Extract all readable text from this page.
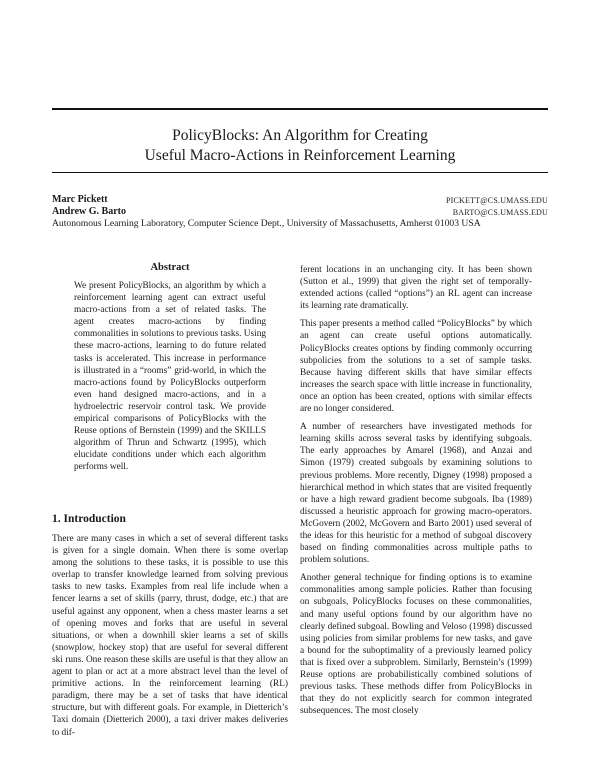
PolicyBlocks: An Algorithm for Creating
Useful Macro-Actions in Reinforcement Learning
Marc Pickett	PICKETT@CS.UMASS.EDU
Andrew G. Barto	BARTO@CS.UMASS.EDU
Autonomous Learning Laboratory, Computer Science Dept., University of Massachusetts, Amherst 01003 USA
Abstract
We present PolicyBlocks, an algorithm by which a reinforcement learning agent can extract useful macro-actions from a set of related tasks. The agent creates macro-actions by finding commonalities in solutions to previous tasks. Using these macro-actions, learning to do future related tasks is accelerated. This increase in performance is illustrated in a “rooms” grid-world, in which the macro-actions found by PolicyBlocks outperform even hand designed macro-actions, and in a hydroelectric reservoir control task. We provide empirical comparisons of PolicyBlocks with the Reuse options of Bernstein (1999) and the SKILLS algorithm of Thrun and Schwartz (1995), which elucidate conditions under which each algorithm performs well.
1. Introduction
There are many cases in which a set of several different tasks is given for a single domain. When there is some overlap among the solutions to these tasks, it is possible to use this overlap to transfer knowledge learned from solving previous tasks to new tasks. Examples from real life include when a fencer learns a set of skills (parry, thrust, dodge, etc.) that are useful against any opponent, when a chess master learns a set of opening moves and forks that are useful in several situations, or when a downhill skier learns a set of skills (snowplow, hockey stop) that are useful for several different ski runs. One reason these skills are useful is that they allow an agent to plan or act at a more abstract level than the level of primitive actions. In the reinforcement learning (RL) paradigm, there may be a set of tasks that have identical structure, but with different goals. For example, in Dietterich’s Taxi domain (Dietterich 2000), a taxi driver makes deliveries to dif-

ferent locations in an unchanging city. It has been shown (Sutton et al., 1999) that given the right set of temporally-extended actions (called “options”) an RL agent can increase its learning rate dramatically.

This paper presents a method called “PolicyBlocks” by which an agent can create useful options automatically. PolicyBlocks creates options by finding commonly occurring subpolicies from the solutions to a set of sample tasks. Because having different skills that have similar effects increases the search space with little increase in functionality, once an option has been created, options with similar effects are no longer considered.

A number of researchers have investigated methods for learning skills across several tasks by identifying subgoals. The early approaches by Amarel (1968), and Anzai and Simon (1979) created subgoals by examining solutions to previous problems. More recently, Digney (1998) proposed a hierarchical method in which states that are visited frequently or have a high reward gradient become subgoals. Iba (1989) discussed a heuristic approach for growing macro-operators. McGovern (2002, McGovern and Barto 2001) used several of the ideas for this heuristic for a method of subgoal discovery based on finding commonalities across multiple paths to problem solutions.

Another general technique for finding options is to examine commonalities among sample policies. Rather than focusing on subgoals, PolicyBlocks focuses on these commonalities, and many useful options found by our algorithm have no clearly defined subgoal. Bowling and Veloso (1998) discussed using policies from similar problems for new tasks, and gave a bound for the suboptimality of a previously learned policy that is fixed over a subproblem. Similarly, Bernstein’s (1999) Reuse options are probabilistically combined solutions of previous tasks. These methods differ from PolicyBlocks in that they do not explicitly search for common integrated subsequences. The most closely
